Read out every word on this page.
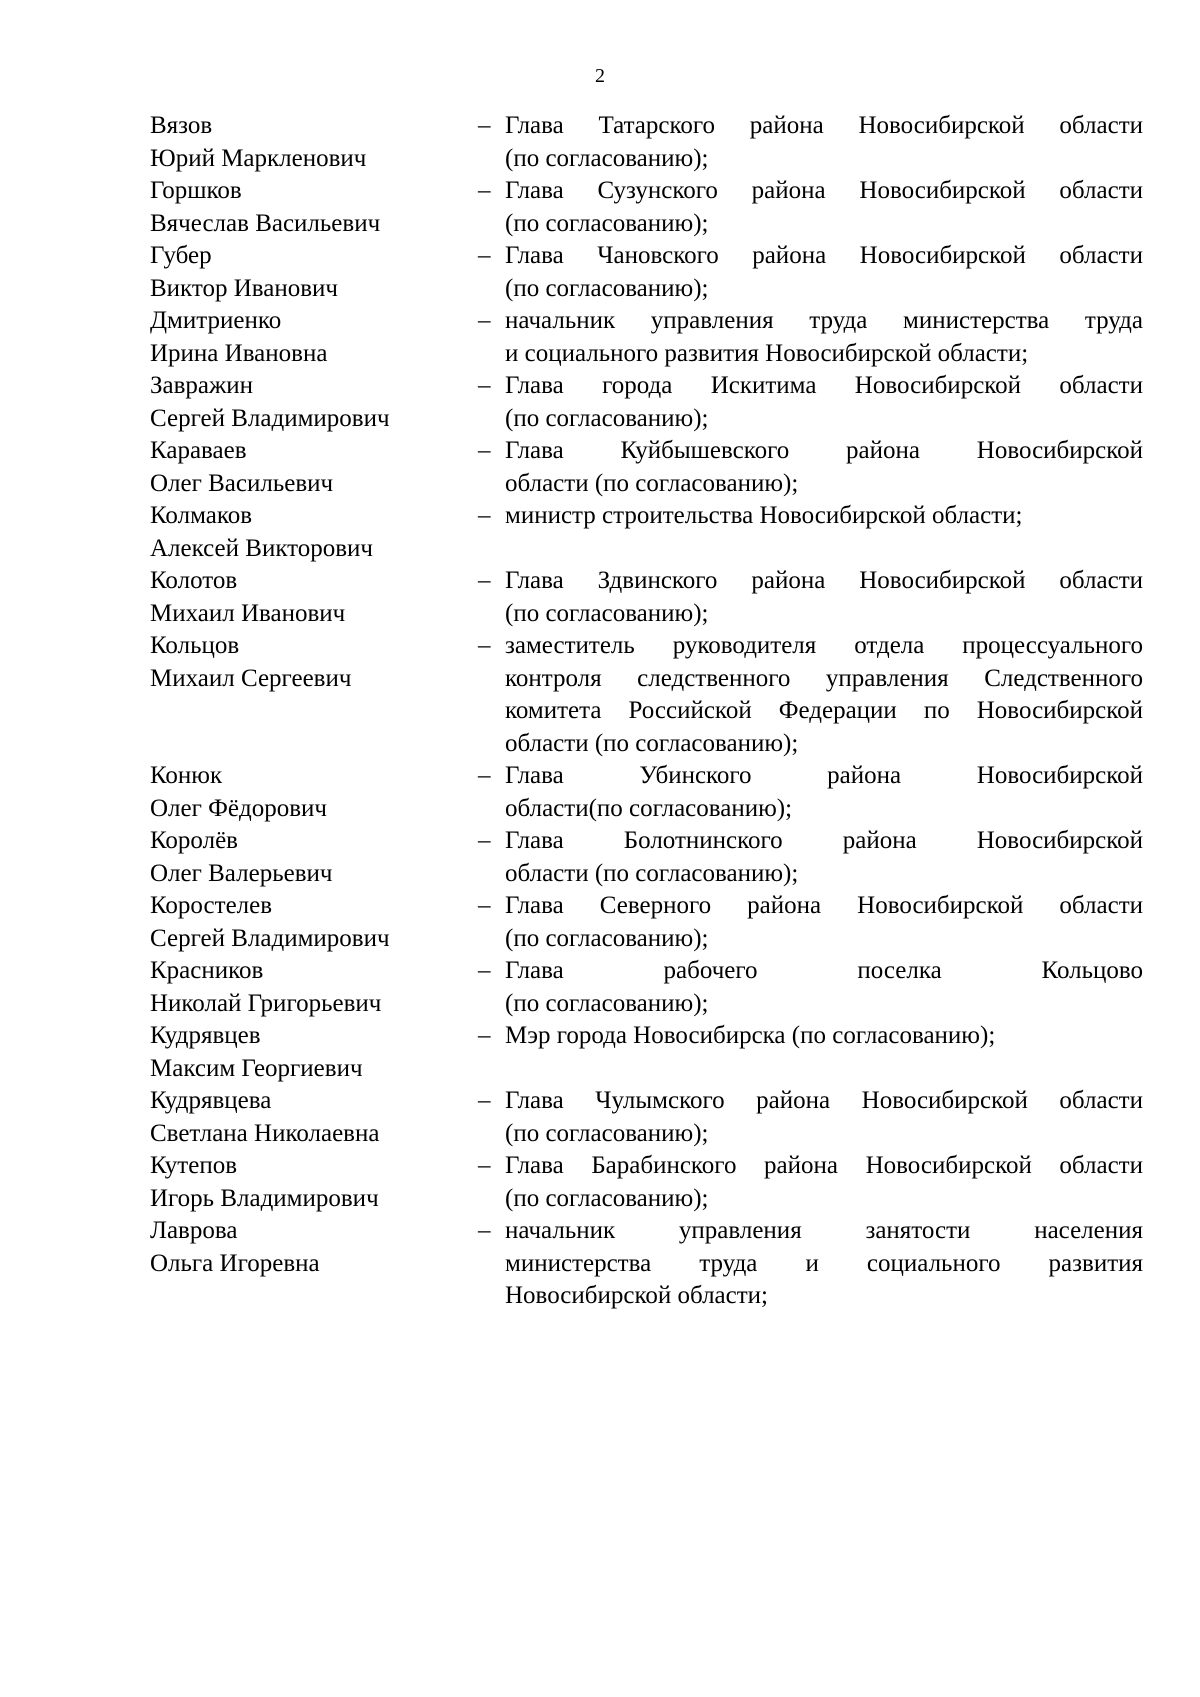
2
Вязов
Юрий Маркленович
– Глава Татарского района Новосибирской области
(по согласованию);
Горшков
Вячеслав Васильевич
– Глава Сузунского района Новосибирской области
(по согласованию);
Губер
Виктор Иванович
– Глава Чановского района Новосибирской области
(по согласованию);
Дмитриенко
Ирина Ивановна
– начальник управления труда министерства труда
и социального развития Новосибирской области;
Завражин
Сергей Владимирович
– Глава города Искитима Новосибирской области
(по согласованию);
Караваев
Олег Васильевич
– Глава Куйбышевского района Новосибирской
области (по согласованию);
Колмаков
Алексей Викторович
– министр строительства Новосибирской области;
Колотов
Михаил Иванович
– Глава Здвинского района Новосибирской области
(по согласованию);
Кольцов
Михаил Сергеевич
– заместитель руководителя отдела процессуального
контроля следственного управления Следственного
комитета Российской Федерации по Новосибирской
области (по согласованию);
Конюк
Олег Фёдорович
– Глава Убинского района Новосибирской
области(по согласованию);
Королёв
Олег Валерьевич
– Глава Болотнинского района Новосибирской
области (по согласованию);
Коростелев
Сергей Владимирович
– Глава Северного района Новосибирской области
(по согласованию);
Красников
Николай Григорьевич
– Глава рабочего поселка Кольцово
(по согласованию);
Кудрявцев
Максим Георгиевич
– Мэр города Новосибирска (по согласованию);
Кудрявцева
Светлана Николаевна
– Глава Чулымского района Новосибирской области
(по согласованию);
Кутепов
Игорь Владимирович
– Глава Барабинского района Новосибирской области
(по согласованию);
Лаврова
Ольга Игоревна
– начальник управления занятости населения
министерства труда и социального развития
Новосибирской области;
